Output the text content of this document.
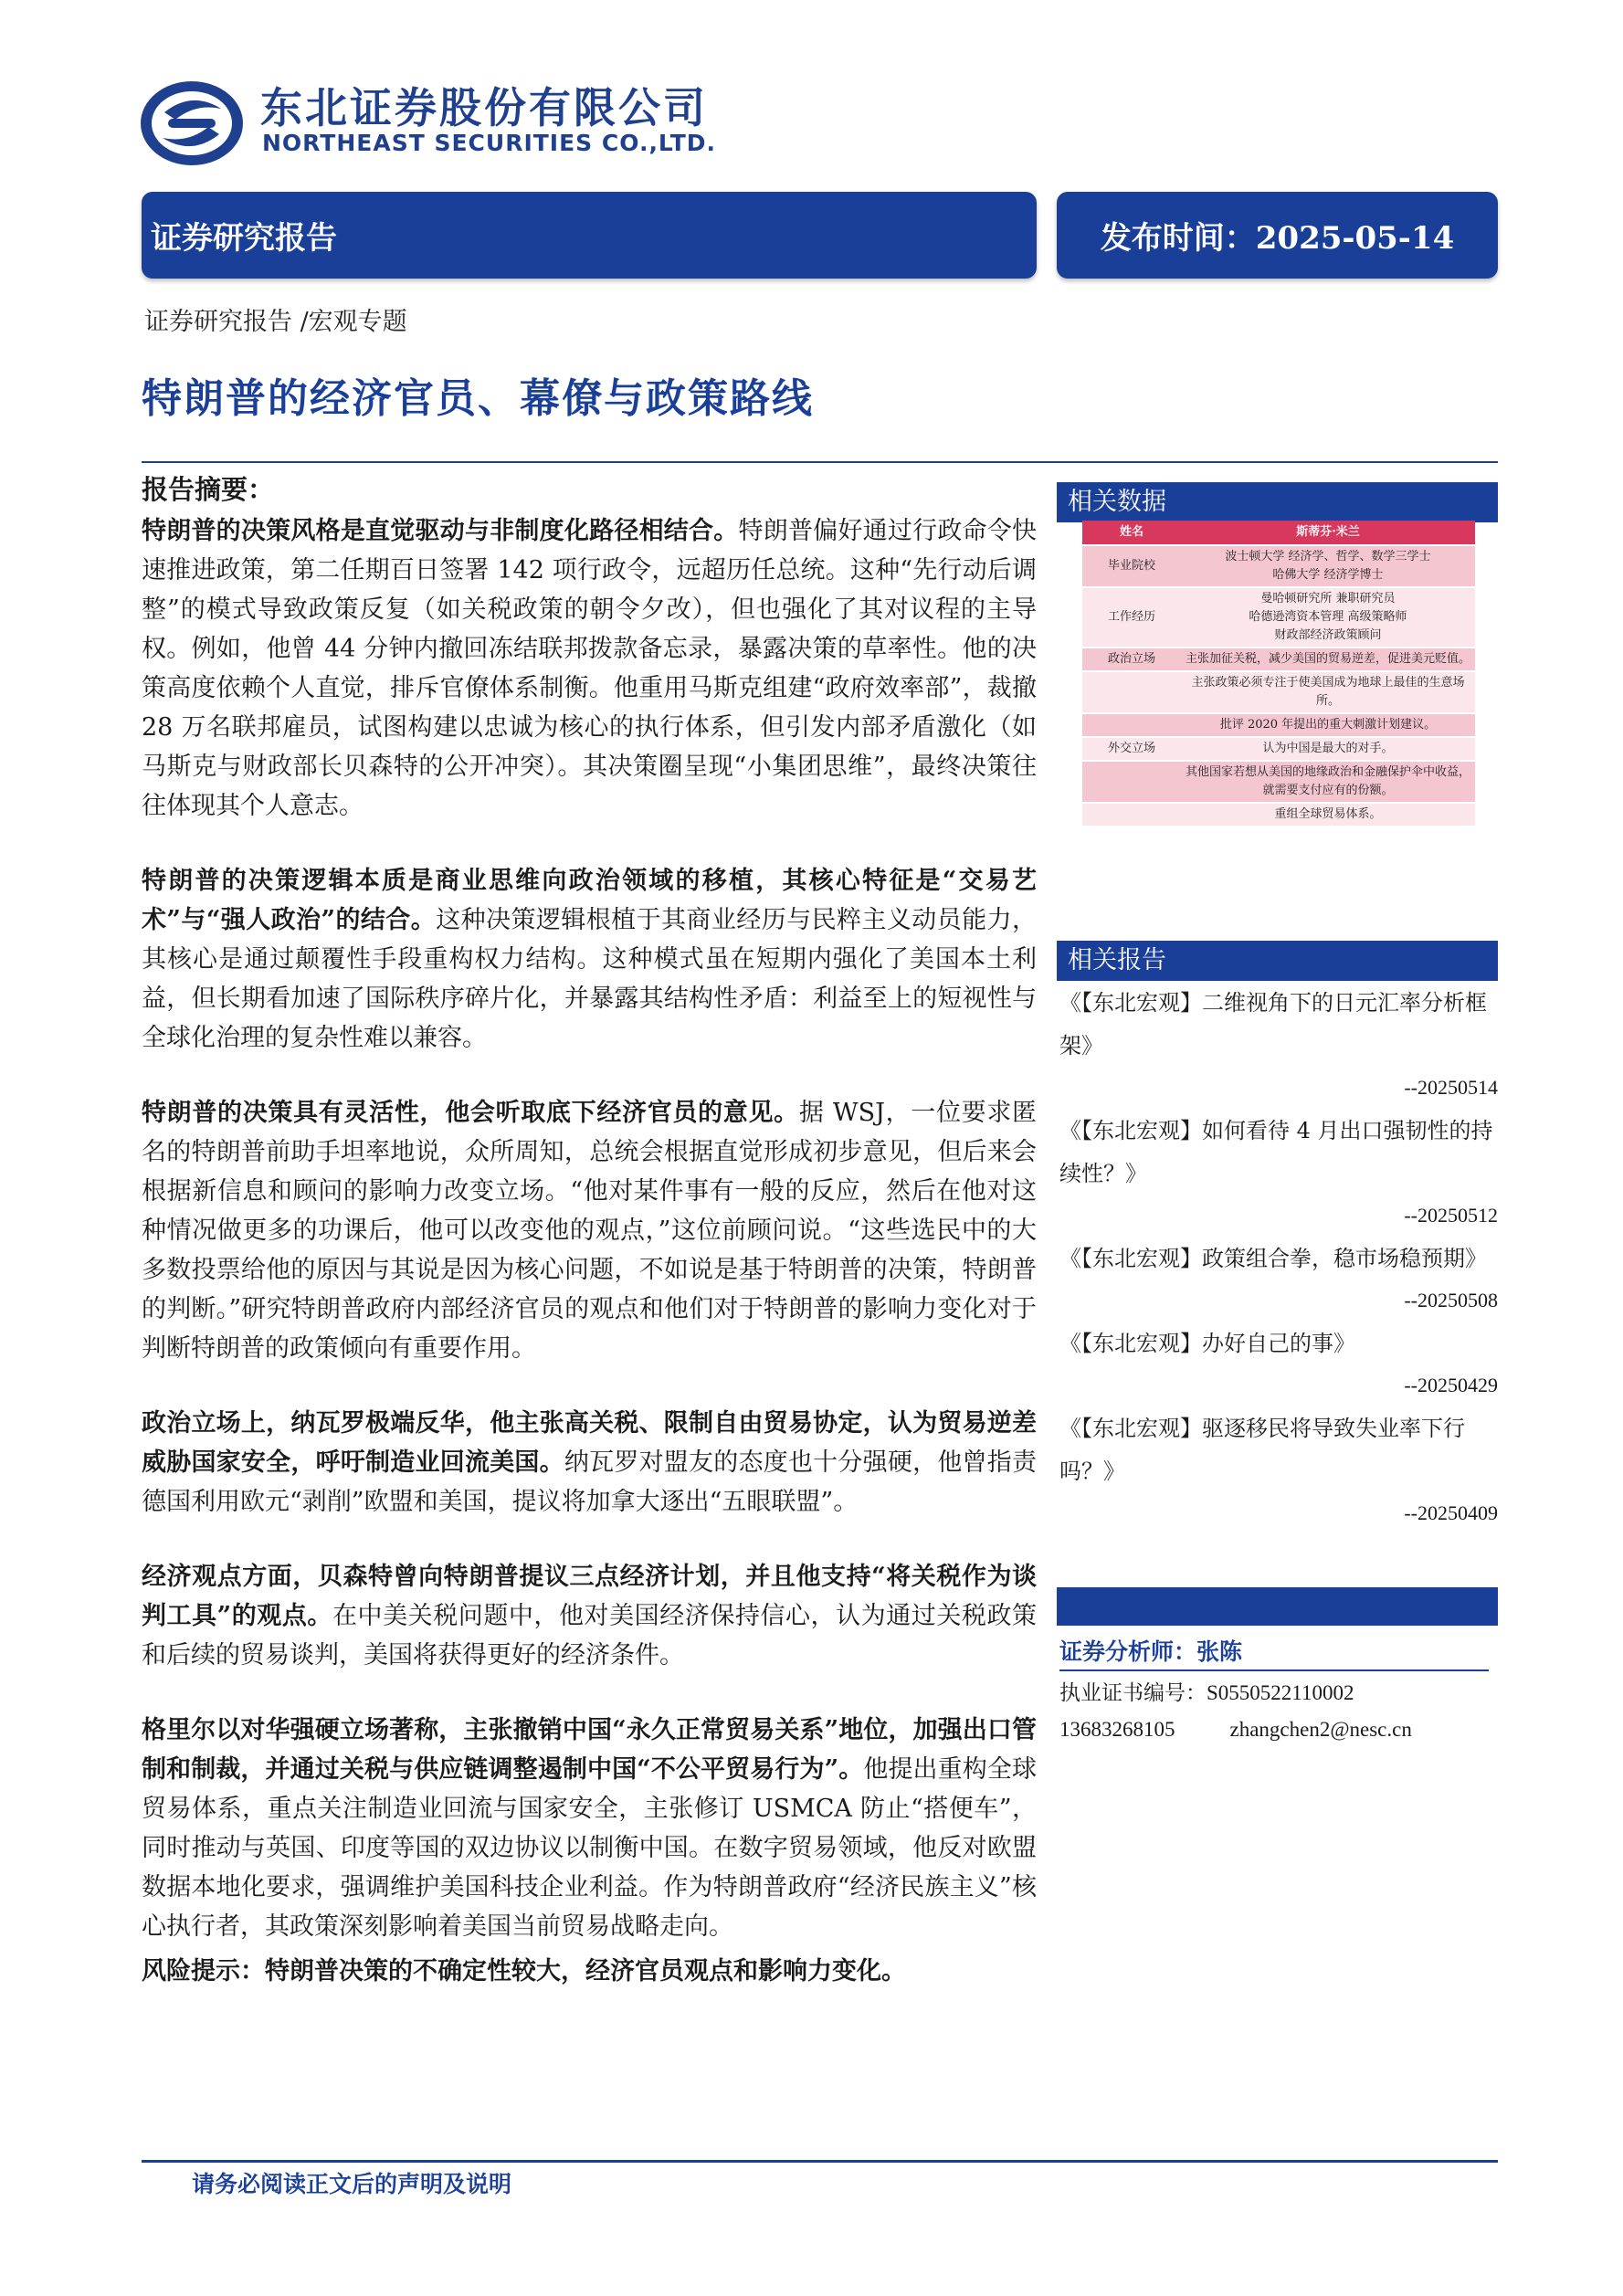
东北证券股份有限公司
NORTHEAST SECURITIES CO.,LTD.
证券研究报告	发布时间：2025-05-14
证券研究报告 /宏观专题
特朗普的经济官员、幕僚与政策路线
报告摘要：

特朗普的决策风格是直觉驱动与非制度化路径相结合。特朗普偏好通过行政命令快速推进政策，第二任期百日签署 142 项行政令，远超历任总统。这种“先行动后调整”的模式导致政策反复（如关税政策的朝令夕改），但也强化了其对议程的主导权。例如，他曾 44 分钟内撤回冻结联邦拨款备忘录，暴露决策的草率性。他的决策高度依赖个人直觉，排斥官僚体系制衡。他重用马斯克组建“政府效率部”，裁撤 28 万名联邦雇员，试图构建以忠诚为核心的执行体系，但引发内部矛盾激化（如马斯克与财政部长贝森特的公开冲突）。其决策圈呈现“小集团思维”，最终决策往往体现其个人意志。

特朗普的决策逻辑本质是商业思维向政治领域的移植，其核心特征是“交易艺术”与“强人政治”的结合。这种决策逻辑根植于其商业经历与民粹主义动员能力，其核心是通过颠覆性手段重构权力结构。这种模式虽在短期内强化了美国本土利益，但长期看加速了国际秩序碎片化，并暴露其结构性矛盾：利益至上的短视性与全球化治理的复杂性难以兼容。

特朗普的决策具有灵活性，他会听取底下经济官员的意见。据 WSJ，一位要求匿名的特朗普前助手坦率地说，众所周知，总统会根据直觉形成初步意见，但后来会根据新信息和顾问的影响力改变立场。“他对某件事有一般的反应，然后在他对这种情况做更多的功课后，他可以改变他的观点，”这位前顾问说。“这些选民中的大多数投票给他的原因与其说是因为核心问题，不如说是基于特朗普的决策，特朗普的判断。”研究特朗普政府内部经济官员的观点和他们对于特朗普的影响力变化对于判断特朗普的政策倾向有重要作用。

政治立场上，纳瓦罗极端反华，他主张高关税、限制自由贸易协定，认为贸易逆差威胁国家安全，呼吁制造业回流美国。纳瓦罗对盟友的态度也十分强硬，他曾指责德国利用欧元“剥削”欧盟和美国，提议将加拿大逐出“五眼联盟”。

经济观点方面，贝森特曾向特朗普提议三点经济计划，并且他支持“将关税作为谈判工具”的观点。在中美关税问题中，他对美国经济保持信心，认为通过关税政策和后续的贸易谈判，美国将获得更好的经济条件。

格里尔以对华强硬立场著称，主张撤销中国“永久正常贸易关系”地位，加强出口管制和制裁，并通过关税与供应链调整遏制中国“不公平贸易行为”。他提出重构全球贸易体系，重点关注制造业回流与国家安全，主张修订 USMCA 防止“搭便车”，同时推动与英国、印度等国的双边协议以制衡中国。在数字贸易领域，他反对欧盟数据本地化要求，强调维护美国科技企业利益。作为特朗普政府“经济民族主义”核心执行者，其政策深刻影响着美国当前贸易战略走向。

风险提示：特朗普决策的不确定性较大，经济官员观点和影响力变化。

相关数据
姓名	斯蒂芬·米兰
毕业院校	波士顿大学 经济学、哲学、数学三学士
哈佛大学 经济学博士

工作经历	曼哈顿研究所 兼职研究员
哈德逊湾资本管理 高级策略师
财政部经济政策顾问

政治立场	主张加征关税，减少美国的贸易逆差，促进美元贬值。

	主张政策必须专注于使美国成为地球上最佳的生意场所。

	批评 2020 年提出的重大刺激计划建议。

外交立场	认为中国是最大的对手。

	其他国家若想从美国的地缘政治和金融保护伞中收益，就需要支付应有的份额。

	重组全球贸易体系。
相关报告
《【东北宏观】二维视角下的日元汇率分析框架》
--20250514
《【东北宏观】如何看待 4 月出口强韧性的持续性？》
--20250512
《【东北宏观】政策组合拳，稳市场稳预期》
--20250508
《【东北宏观】办好自己的事》
--20250429
《【东北宏观】驱逐移民将导致失业率下行吗？》
--20250409
证券分析师：张陈
执业证书编号：S0550522110002
13683268105	zhangchen2@nesc.cn
请务必阅读正文后的声明及说明
